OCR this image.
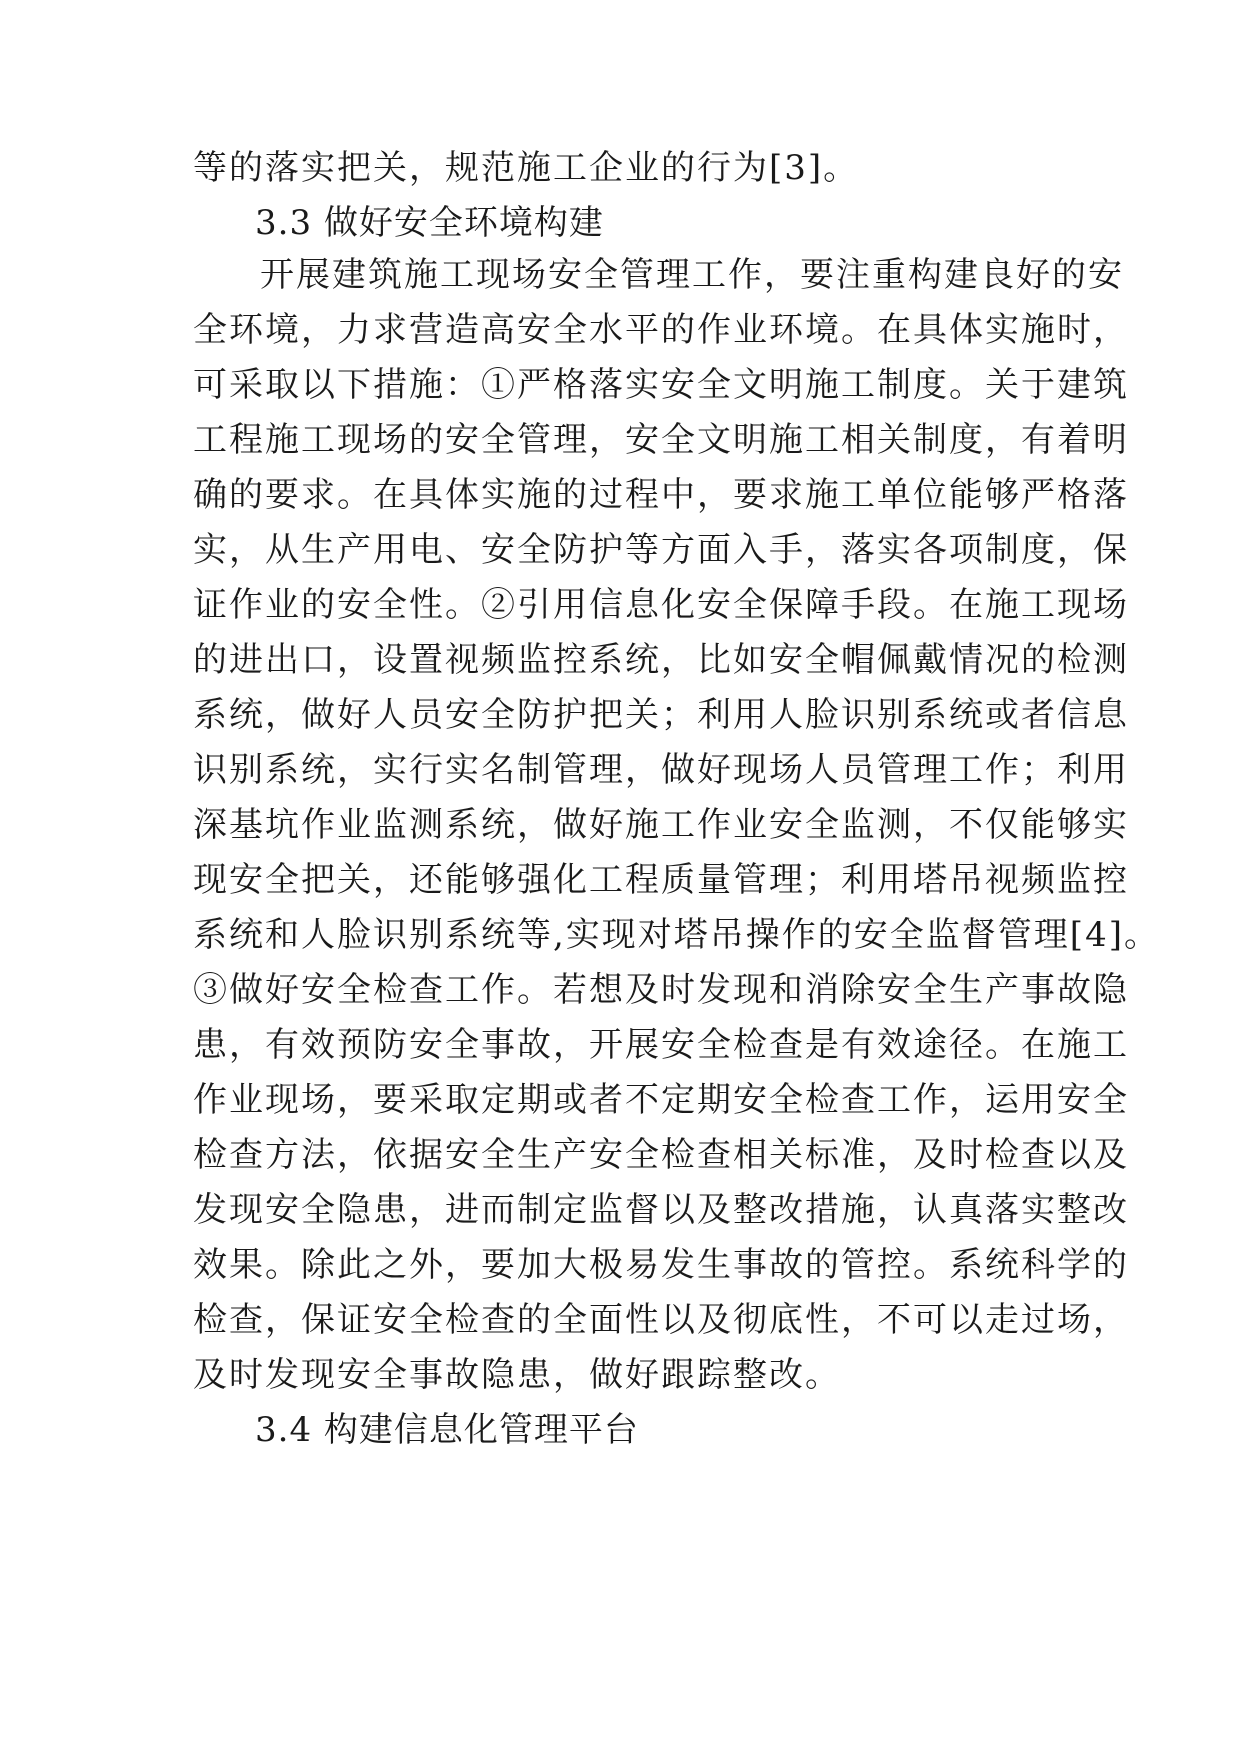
等的落实把关，规范施工企业的行为[3]。
3.3 做好安全环境构建
开展建筑施工现场安全管理工作，要注重构建良好的安
全环境，力求营造高安全水平的作业环境。在具体实施时，
可采取以下措施：①严格落实安全文明施工制度。关于建筑
工程施工现场的安全管理，安全文明施工相关制度，有着明
确的要求。在具体实施的过程中，要求施工单位能够严格落
实，从生产用电、安全防护等方面入手，落实各项制度，保
证作业的安全性。②引用信息化安全保障手段。在施工现场
的进出口，设置视频监控系统，比如安全帽佩戴情况的检测
系统，做好人员安全防护把关；利用人脸识别系统或者信息
识别系统，实行实名制管理，做好现场人员管理工作；利用
深基坑作业监测系统，做好施工作业安全监测，不仅能够实
现安全把关，还能够强化工程质量管理；利用塔吊视频监控
系统和人脸识别系统等,实现对塔吊操作的安全监督管理[4]。
③做好安全检查工作。若想及时发现和消除安全生产事故隐
患，有效预防安全事故，开展安全检查是有效途径。在施工
作业现场，要采取定期或者不定期安全检查工作，运用安全
检查方法，依据安全生产安全检查相关标准，及时检查以及
发现安全隐患，进而制定监督以及整改措施，认真落实整改
效果。除此之外，要加大极易发生事故的管控。系统科学的
检查，保证安全检查的全面性以及彻底性，不可以走过场，
及时发现安全事故隐患，做好跟踪整改。
3.4 构建信息化管理平台
